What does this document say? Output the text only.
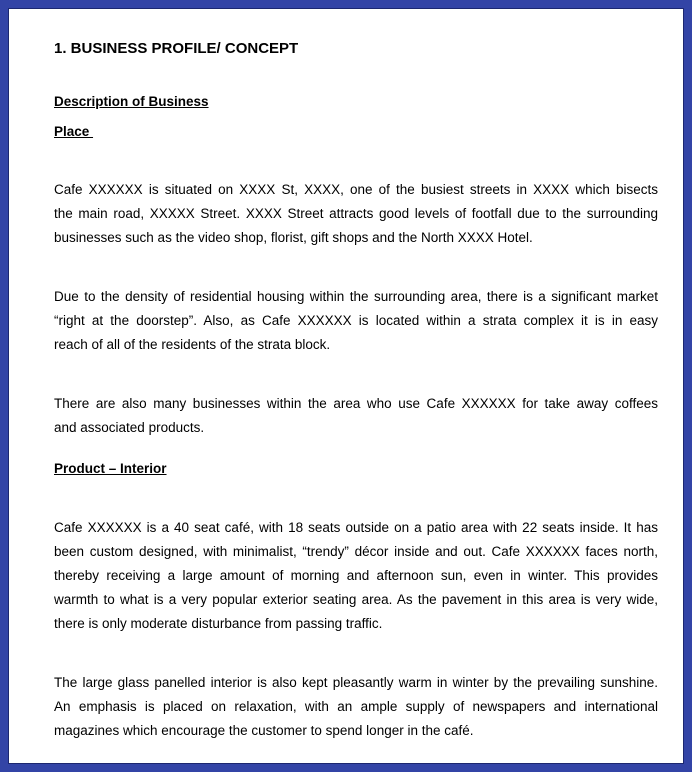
1. BUSINESS PROFILE/ CONCEPT
Description of Business
Place

Cafe XXXXXX is situated on XXXX St, XXXX, one of the busiest streets in XXXX which bisects
the main road, XXXXX Street. XXXX Street attracts good levels of footfall due to the surrounding
businesses such as the video shop, florist, gift shops and the North XXXX Hotel.

Due to the density of residential housing within the surrounding area, there is a significant market
“right at the doorstep”. Also, as Cafe XXXXXX is located within a strata complex it is in easy
reach of all of the residents of the strata block.

There are also many businesses within the area who use Cafe XXXXXX for take away coffees
and associated products.

Product – Interior

Cafe XXXXXX is a 40 seat café, with 18 seats outside on a patio area with 22 seats inside. It has
been custom designed, with minimalist, “trendy” décor inside and out. Cafe XXXXXX faces north,
thereby receiving a large amount of morning and afternoon sun, even in winter. This provides
warmth to what is a very popular exterior seating area. As the pavement in this area is very wide,
there is only moderate disturbance from passing traffic.

The large glass panelled interior is also kept pleasantly warm in winter by the prevailing sunshine.
An emphasis is placed on relaxation, with an ample supply of newspapers and international
magazines which encourage the customer to spend longer in the café.
